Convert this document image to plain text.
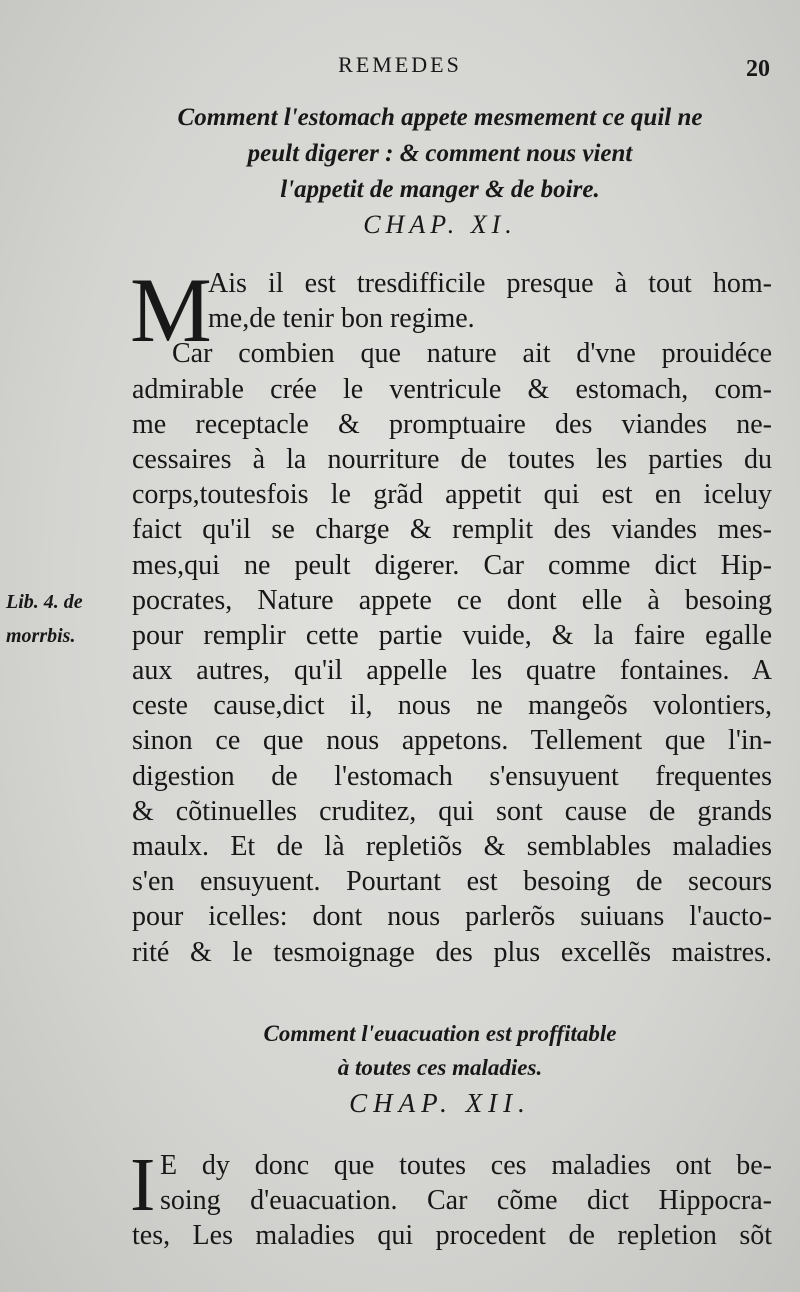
REMEDES	20
Comment l'estomach appete mesmement ce quil ne
peult digerer : & comment nous vient
l'appetit de manger & de boire.
CHAP. XI.
M
Ais il est tresdifficile presque à tout hom-
me,de tenir bon regime.
Car combien que nature ait d'vne prouidéce
admirable crée le ventricule & estomach, com-
me receptacle & promptuaire des viandes ne-
cessaires à la nourriture de toutes les parties du
corps,toutesfois le grãd appetit qui est en iceluy
faict qu'il se charge & remplit des viandes mes-
mes,qui ne peult digerer. Car comme dict Hip-
pocrates, Nature appete ce dont elle à besoing
pour remplir cette partie vuide, & la faire egalle
aux autres, qu'il appelle les quatre fontaines. A
ceste cause,dict il, nous ne mangeõs volontiers,
sinon ce que nous appetons. Tellement que l'in-
digestion de l'estomach s'ensuyuent frequentes
& cõtinuelles cruditez, qui sont cause de grands
maulx. Et de là repletiõs & semblables maladies
s'en ensuyuent. Pourtant est besoing de secours
pour icelles: dont nous parlerõs suiuans l'aucto-
rité & le tesmoignage des plus excellẽs maistres.
Lib. 4. de
morrbis.
Comment l'euacuation est proffitable
à toutes ces maladies.
CHAP. XII.
I E dy donc que toutes ces maladies ont be-
soing d'euacuation. Car cõme dict Hippocra-
tes, Les maladies qui procedent de repletion sõt
